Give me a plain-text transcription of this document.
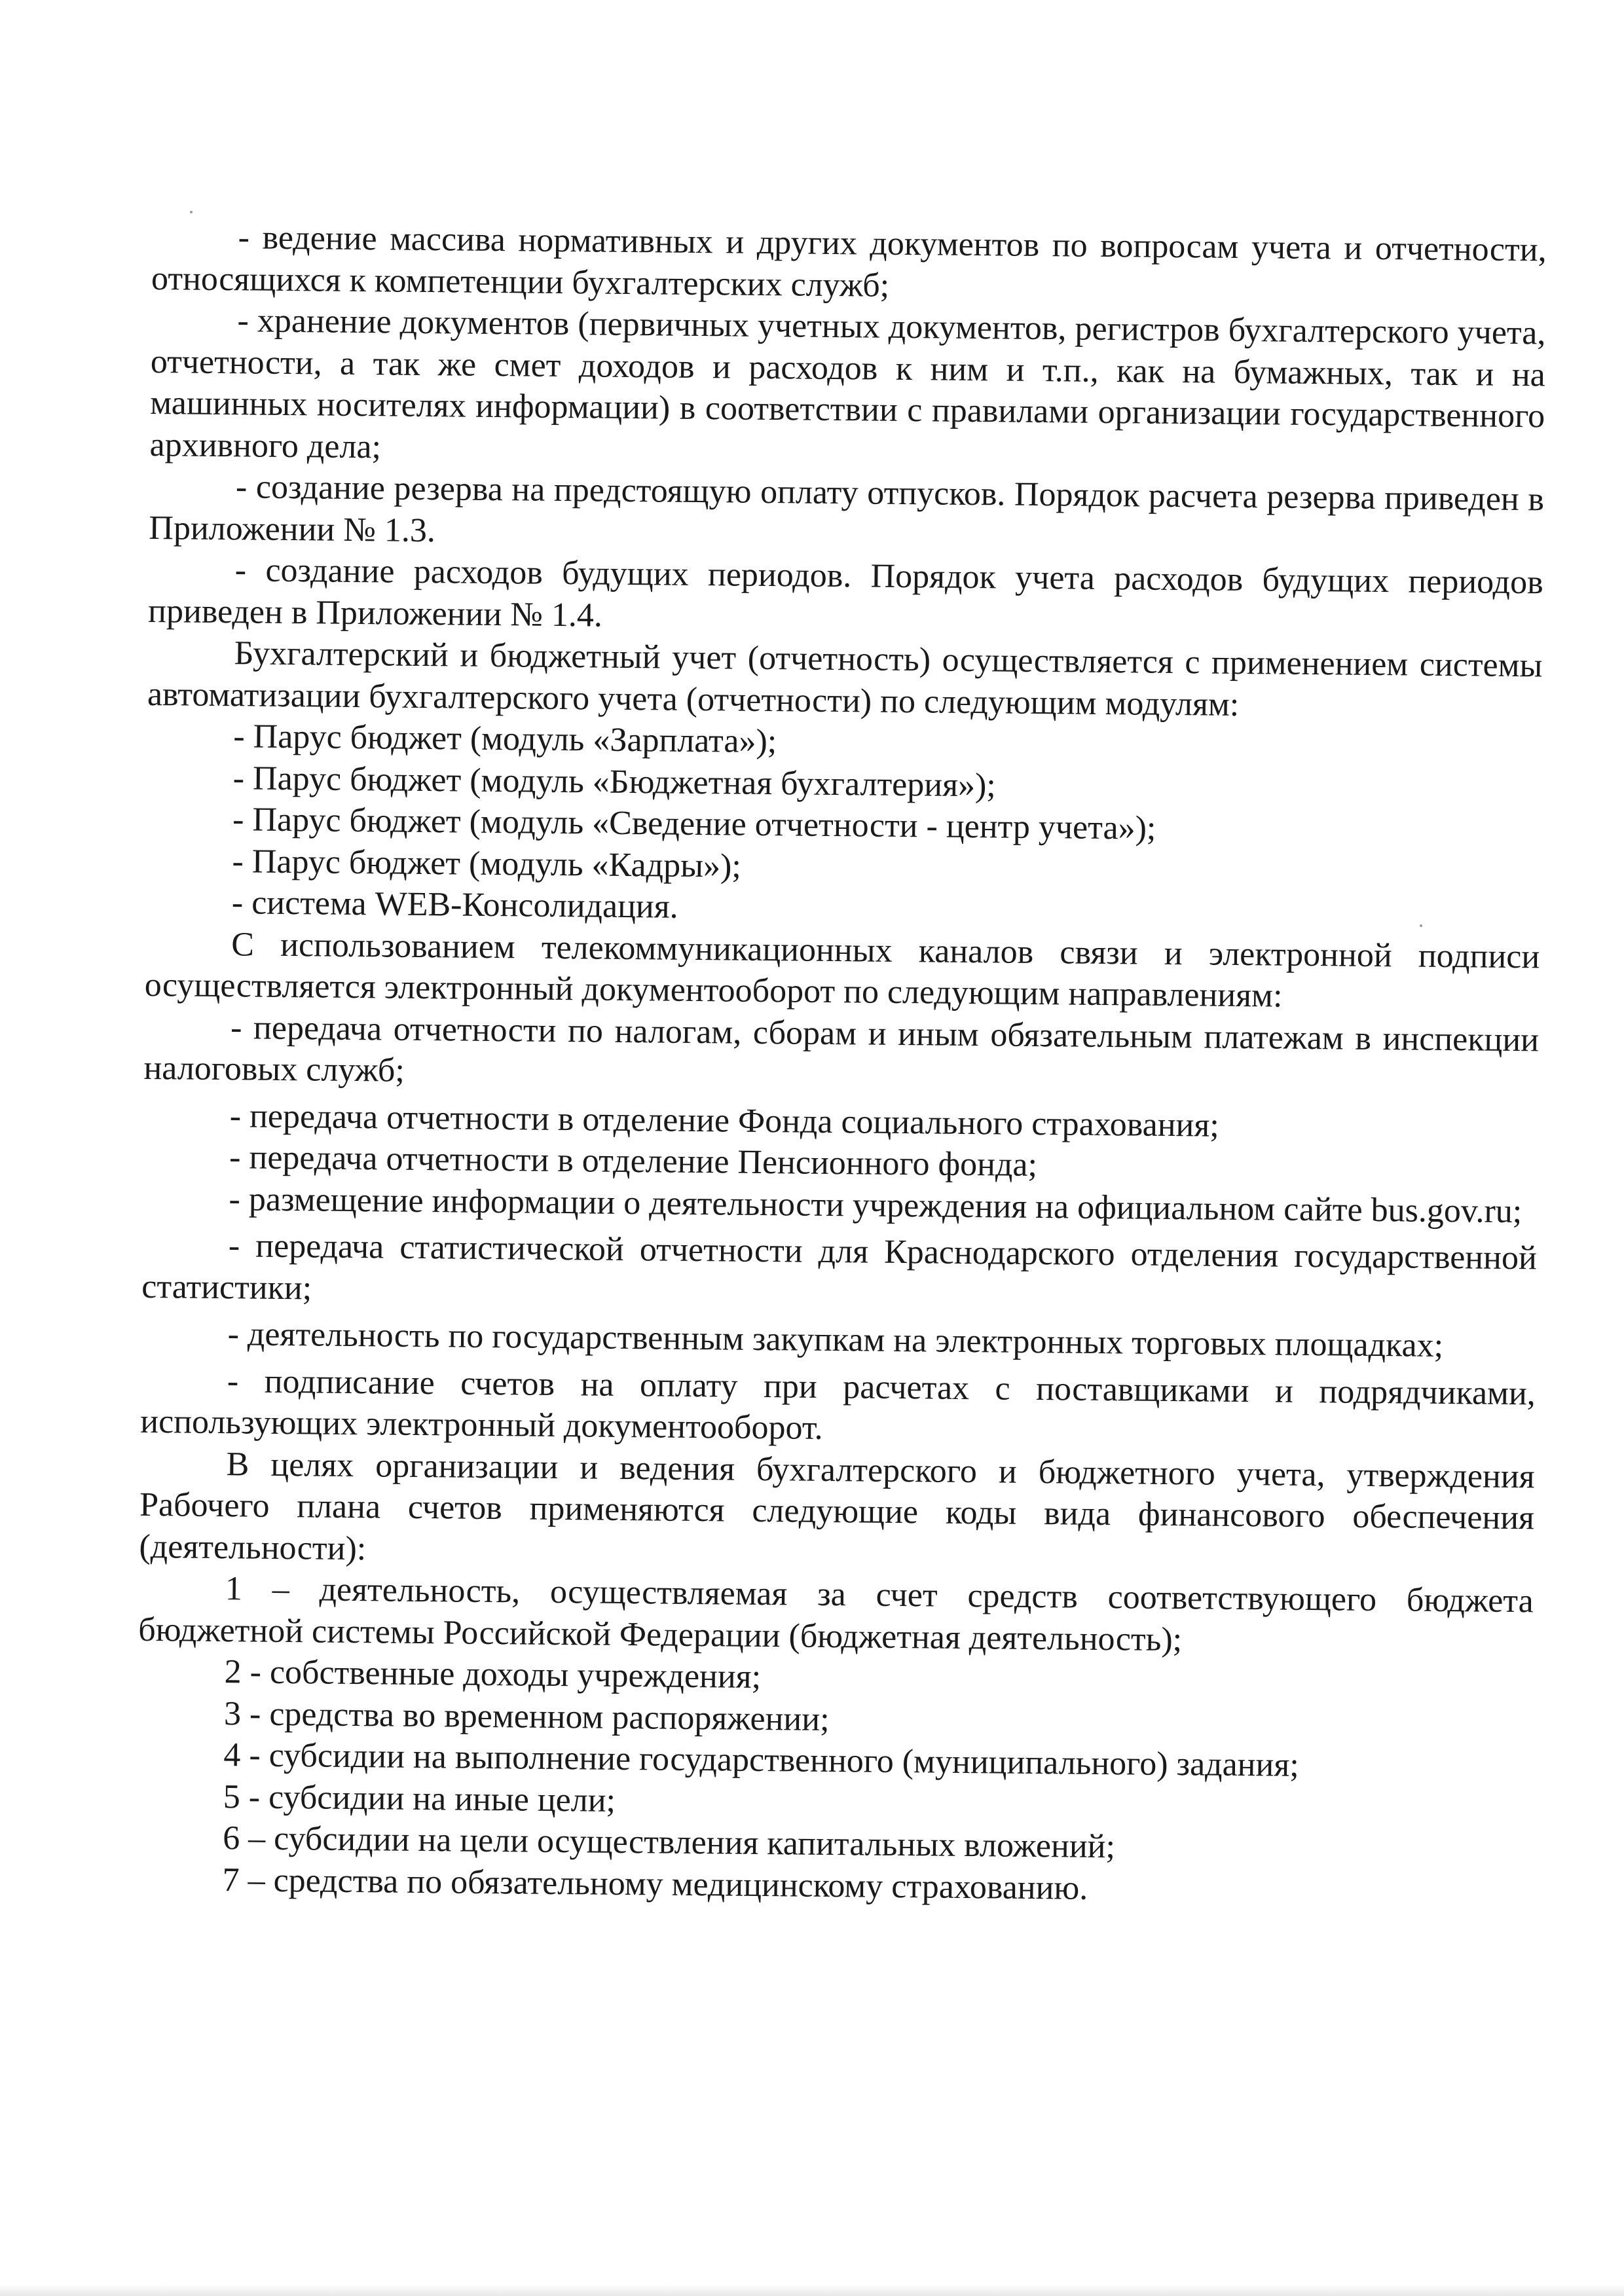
- ведение массива нормативных и других документов по вопросам учета и отчетности, относящихся к компетенции бухгалтерских служб;

- хранение документов (первичных учетных документов, регистров бухгалтерского учета, отчетности, а так же смет доходов и расходов к ним и т.п., как на бумажных, так и на машинных носителях информации) в соответствии с правилами организации государственного архивного дела;

- создание резерва на предстоящую оплату отпусков. Порядок расчета резерва приведен в Приложении № 1.3.

- создание расходов будущих периодов. Порядок учета расходов будущих периодов приведен в Приложении № 1.4.

Бухгалтерский и бюджетный учет (отчетность) осуществляется с применением системы автоматизации бухгалтерского учета (отчетности) по следующим модулям:

- Парус бюджет (модуль «Зарплата»);

- Парус бюджет (модуль «Бюджетная бухгалтерия»);

- Парус бюджет (модуль «Сведение отчетности - центр учета»);

- Парус бюджет (модуль «Кадры»);

- система WEB-Консолидация.

С использованием телекоммуникационных каналов связи и электронной подписи осуществляется электронный документооборот по следующим направлениям:

- передача отчетности по налогам, сборам и иным обязательным платежам в инспекции налоговых служб;

- передача отчетности в отделение Фонда социального страхования;

- передача отчетности в отделение Пенсионного фонда;

- размещение информации о деятельности учреждения на официальном сайте bus.gov.ru;

- передача статистической отчетности для Краснодарского отделения государственной статистики;

- деятельность по государственным закупкам на электронных торговых площадках;

- подписание счетов на оплату при расчетах с поставщиками и подрядчиками, использующих электронный документооборот.

В целях организации и ведения бухгалтерского и бюджетного учета, утверждения Рабочего плана счетов применяются следующие коды вида финансового обеспечения (деятельности):

1 – деятельность, осуществляемая за счет средств соответствующего бюджета бюджетной системы Российской Федерации (бюджетная деятельность);

2 - собственные доходы учреждения;

3 - средства во временном распоряжении;

4 - субсидии на выполнение государственного (муниципального) задания;

5 - субсидии на иные цели;

6 – субсидии на цели осуществления капитальных вложений;

7 – средства по обязательному медицинскому страхованию.
